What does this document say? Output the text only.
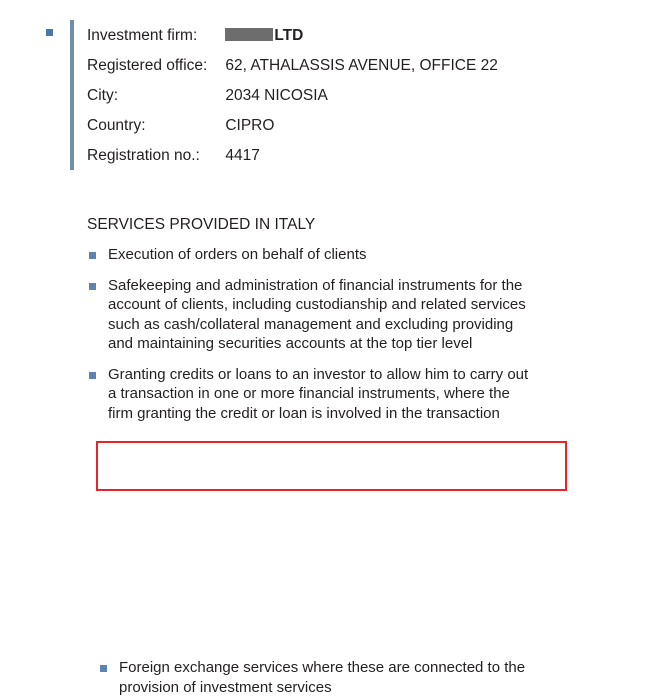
Investment firm:	LTD
Registered office:	62, ATHALASSIS AVENUE, OFFICE 22
City:	2034 NICOSIA
Country:	CIPRO
Registration no.:	4417
SERVICES PROVIDED IN ITALY
Execution of orders on behalf of clients
Safekeeping and administration of financial instruments for the account of clients, including custodianship and related services such as cash/collateral management and excluding providing and maintaining securities accounts at the top tier level
Granting credits or loans to an investor to allow him to carry out a transaction in one or more financial instruments, where the firm granting the credit or loan is involved in the transaction
Foreign exchange services where these are connected to the provision of investment services
